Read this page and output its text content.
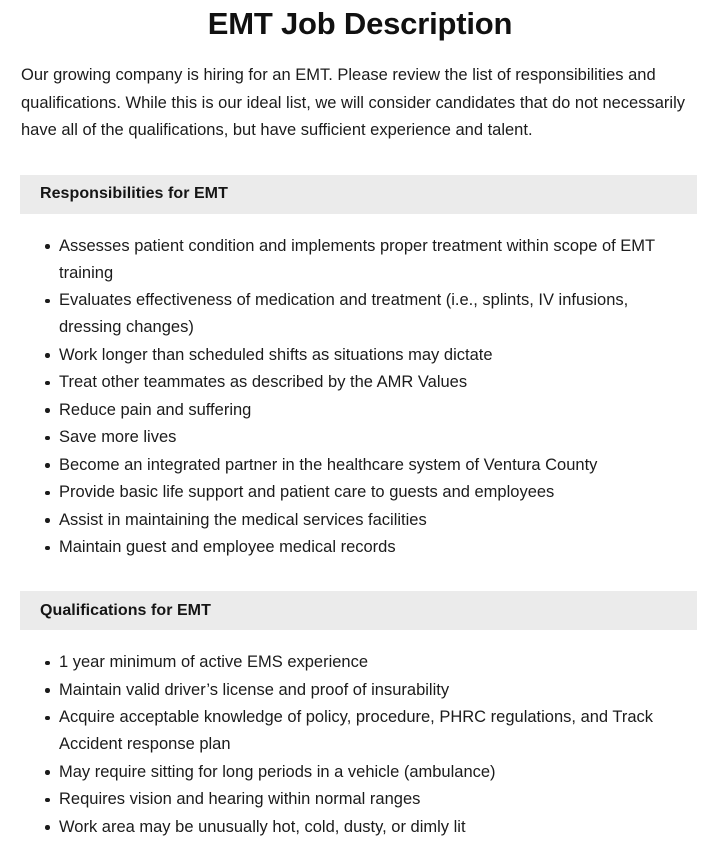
EMT Job Description

Our growing company is hiring for an EMT. Please review the list of responsibilities and qualifications. While this is our ideal list, we will consider candidates that do not necessarily have all of the qualifications, but have sufficient experience and talent.

Responsibilities for EMT
Assesses patient condition and implements proper treatment within scope of EMT training
Evaluates effectiveness of medication and treatment (i.e., splints, IV infusions, dressing changes)
Work longer than scheduled shifts as situations may dictate
Treat other teammates as described by the AMR Values
Reduce pain and suffering
Save more lives
Become an integrated partner in the healthcare system of Ventura County
Provide basic life support and patient care to guests and employees
Assist in maintaining the medical services facilities
Maintain guest and employee medical records
Qualifications for EMT
1 year minimum of active EMS experience
Maintain valid driver’s license and proof of insurability
Acquire acceptable knowledge of policy, procedure, PHRC regulations, and Track Accident response plan
May require sitting for long periods in a vehicle (ambulance)
Requires vision and hearing within normal ranges
Work area may be unusually hot, cold, dusty, or dimly lit
